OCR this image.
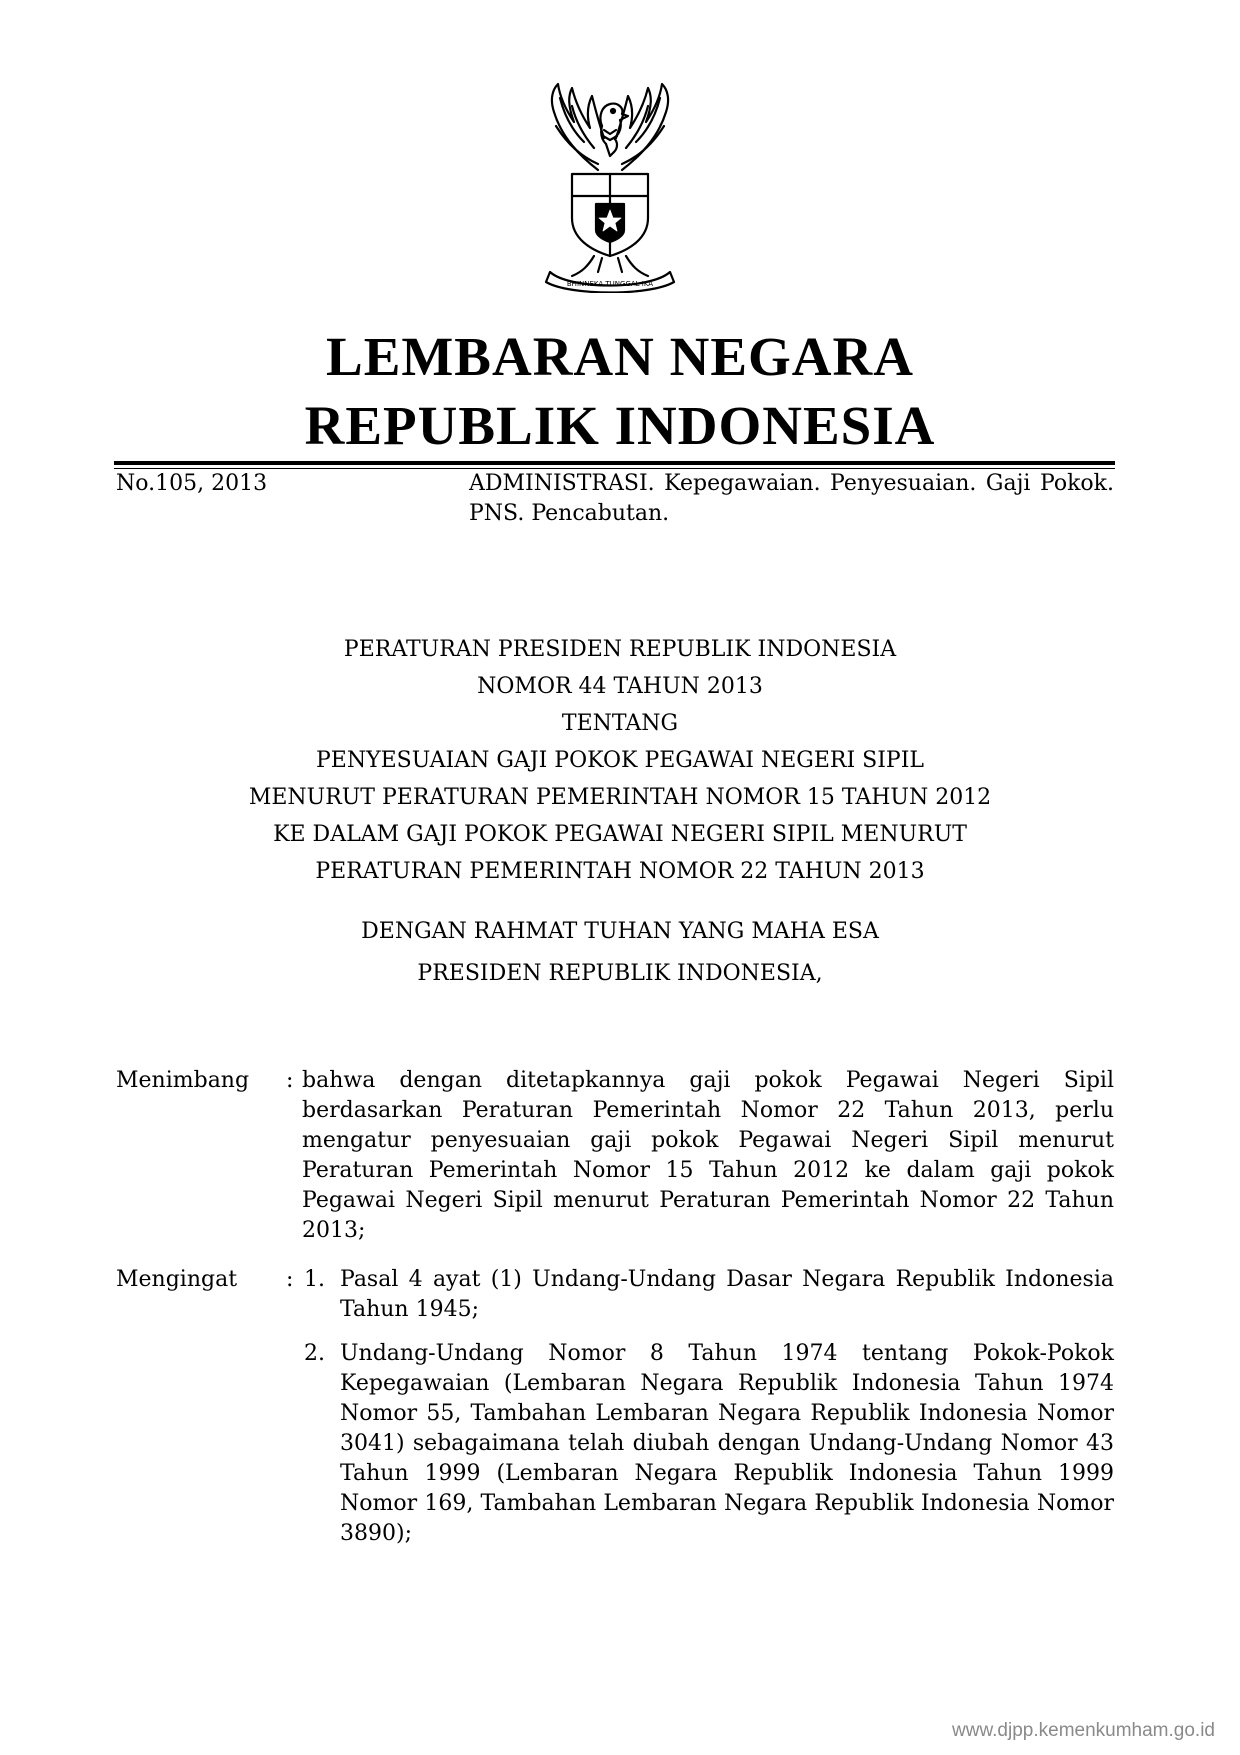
BHINNEKA TUNGGAL IKA
LEMBARAN NEGARA
REPUBLIK INDONESIA
No.105, 2013	ADMINISTRASI. Kepegawaian. Penyesuaian. Gaji Pokok. PNS. Pencabutan.
PERATURAN PRESIDEN REPUBLIK INDONESIA
NOMOR 44 TAHUN 2013
TENTANG
PENYESUAIAN GAJI POKOK PEGAWAI NEGERI SIPIL
MENURUT PERATURAN PEMERINTAH NOMOR 15 TAHUN 2012
KE DALAM GAJI POKOK PEGAWAI NEGERI SIPIL MENURUT
PERATURAN PEMERINTAH NOMOR 22 TAHUN 2013
DENGAN RAHMAT TUHAN YANG MAHA ESA
PRESIDEN REPUBLIK INDONESIA,
Menimbang : bahwa dengan ditetapkannya gaji pokok Pegawai Negeri Sipil berdasarkan Peraturan Pemerintah Nomor 22 Tahun 2013, perlu mengatur penyesuaian gaji pokok Pegawai Negeri Sipil menurut Peraturan Pemerintah Nomor 15 Tahun 2012 ke dalam gaji pokok Pegawai Negeri Sipil menurut Peraturan Pemerintah Nomor 22 Tahun 2013;

Mengingat : 1. Pasal 4 ayat (1) Undang-Undang Dasar Negara Republik Indonesia Tahun 1945;

2. Undang-Undang Nomor 8 Tahun 1974 tentang Pokok-Pokok Kepegawaian (Lembaran Negara Republik Indonesia Tahun 1974 Nomor 55, Tambahan Lembaran Negara Republik Indonesia Nomor 3041) sebagaimana telah diubah dengan Undang-Undang Nomor 43 Tahun 1999 (Lembaran Negara Republik Indonesia Tahun 1999 Nomor 169, Tambahan Lembaran Negara Republik Indonesia Nomor 3890);

www.djpp.kemenkumham.go.id
